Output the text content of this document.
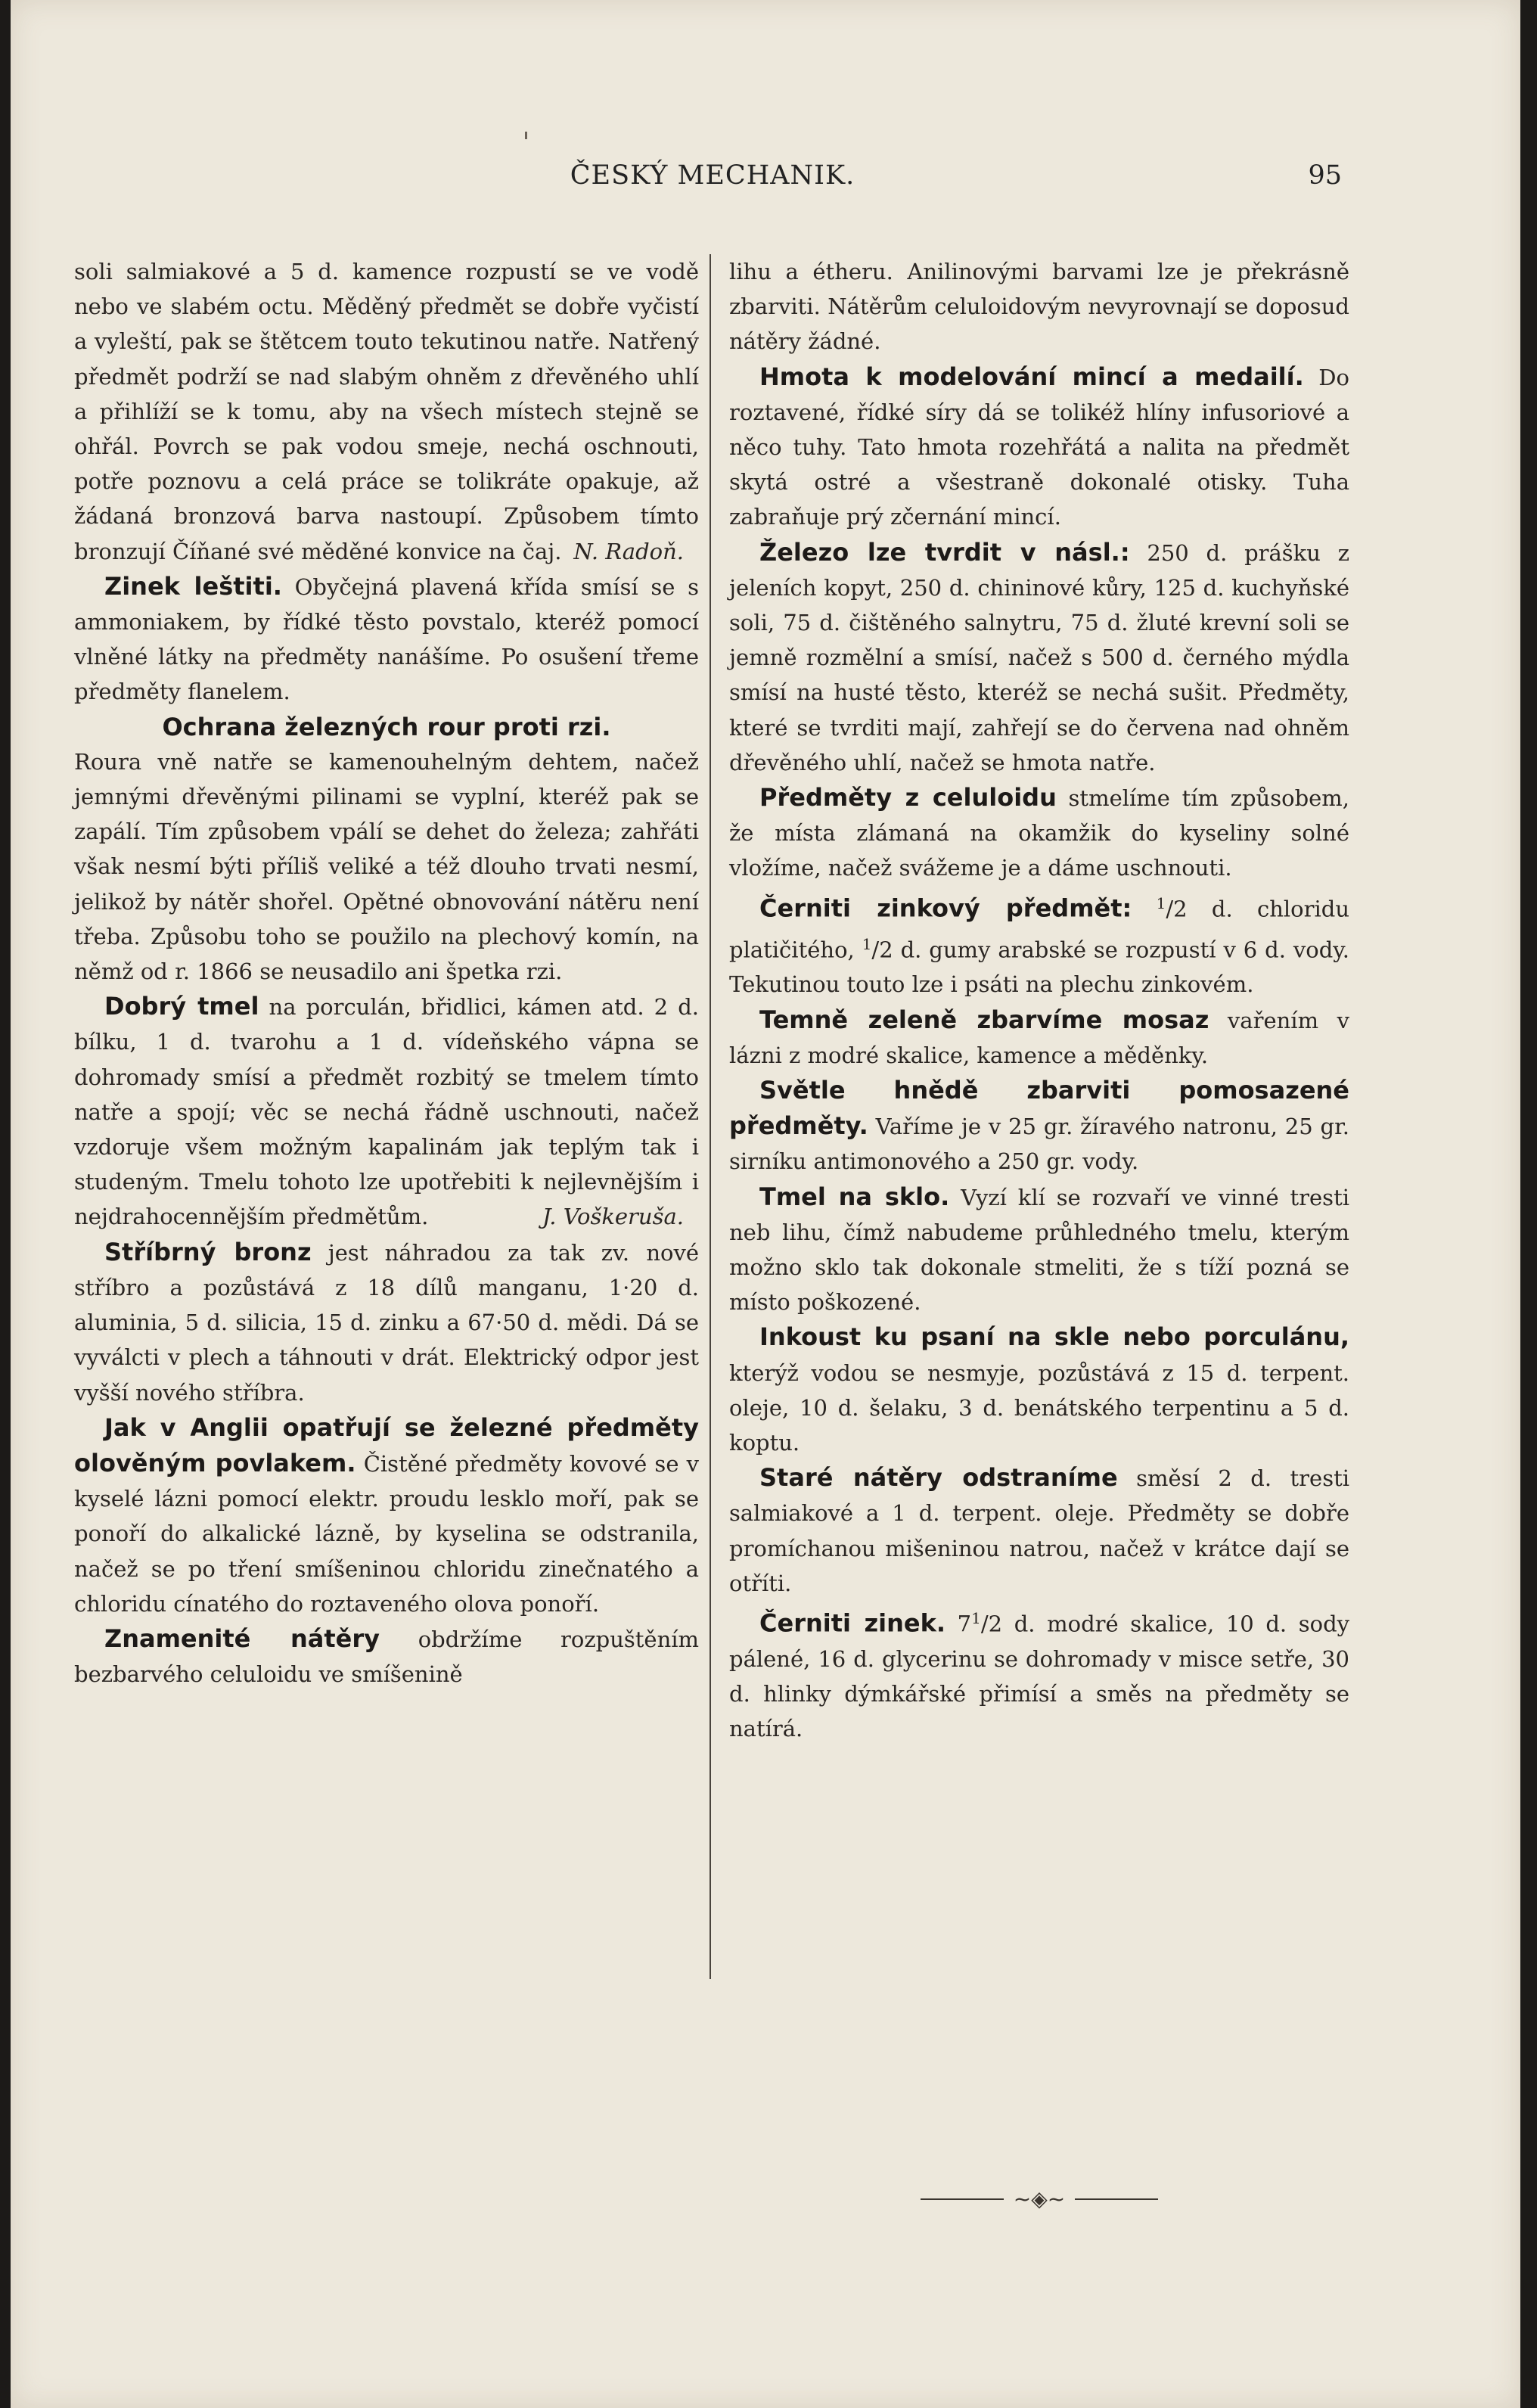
ČESKÝ MECHANIK.	95

soli salmiakové a 5 d. kamence rozpustí se ve vodě nebo ve slabém octu. Měděný předmět se dobře vyčistí a vyleští, pak se štětcem touto tekutinou natře. Natřený předmět podrží se nad slabým ohněm z dřevěného uhlí a přihlíží se k tomu, aby na všech místech stejně se ohřál. Povrch se pak vodou smeje, nechá oschnouti, potře poznovu a celá práce se tolikráte opakuje, až žádaná bronzová barva nastoupí. Způsobem tímto bronzují Číňané své měděné konvice na čaj. N. Radoň.

Zinek leštiti. Obyčejná plavená křída smísí se s ammoniakem, by řídké těsto povstalo, kteréž pomocí vlněné látky na předměty nanášíme. Po osušení třeme předměty flanelem.

Ochrana železných rour proti rzi.
Roura vně natře se kamenouhelným dehtem, načež jemnými dřevěnými pilinami se vyplní, kteréž pak se zapálí. Tím způsobem vpálí se dehet do železa; zahřáti však nesmí býti příliš veliké a též dlouho trvati nesmí, jelikož by nátěr shořel. Opětné obnovování nátěru není třeba. Způsobu toho se použilo na plechový komín, na němž od r. 1866 se neusadilo ani špetka rzi.

Dobrý tmel na porculán, břidlici, kámen atd. 2 d. bílku, 1 d. tvarohu a 1 d. vídeňského vápna se dohromady smísí a předmět rozbitý se tmelem tímto natře a spojí; věc se nechá řádně uschnouti, načež vzdoruje všem možným kapalinám jak teplým tak i studeným. Tmelu tohoto lze upotřebiti k nejlevnějším i nejdrahocennějším předmětům.	J. Voškeruša.

Stříbrný bronz jest náhradou za tak zv. nové stříbro a pozůstává z 18 dílů manganu, 1·20 d. aluminia, 5 d. silicia, 15 d. zinku a 67·50 d. mědi. Dá se vyválcti v plech a táhnouti v drát. Elektrický odpor jest vyšší nového stříbra.

Jak v Anglii opatřují se železné předměty olověným povlakem. Čistěné předměty kovové se v kyselé lázni pomocí elektr. proudu lesklo moří, pak se ponoří do alkalické lázně, by kyselina se odstranila, načež se po tření smíšeninou chloridu zinečnatého a chloridu cínatého do roztaveného olova ponoří.

Znamenité nátěry obdržíme rozpuštěním bezbarvého celuloidu ve smíšenině

lihu a étheru. Anilinovými barvami lze je překrásně zbarviti. Nátěrům celuloidovým nevyrovnají se doposud nátěry žádné.

Hmota k modelování mincí a medailí. Do roztavené, řídké síry dá se tolikéž hlíny infusoriové a něco tuhy. Tato hmota rozehřátá a nalita na předmět skytá ostré a všestraně dokonalé otisky. Tuha zabraňuje prý zčernání mincí.

Železo lze tvrdit v násl.: 250 d. prášku z jeleních kopyt, 250 d. chininové kůry, 125 d. kuchyňské soli, 75 d. čištěného salnytru, 75 d. žluté krevní soli se jemně rozmělní a smísí, načež s 500 d. černého mýdla smísí na husté těsto, kteréž se nechá sušit. Předměty, které se tvrditi mají, zahřejí se do červena nad ohněm dřevěného uhlí, načež se hmota natře.

Předměty z celuloidu stmelíme tím způsobem, že místa zlámaná na okamžik do kyseliny solné vložíme, načež svážeme je a dáme uschnouti.

Černiti zinkový předmět: $^1$/2 d. chloridu platičitého, $^1$/2 d. gumy arabské se rozpustí v 6 d. vody. Tekutinou touto lze i psáti na plechu zinkovém.

Temně zeleně zbarvíme mosaz vařením v lázni z modré skalice, kamence a měděnky.

Světle hnědě zbarviti pomosazené předměty. Vaříme je v 25 gr. žíravého natronu, 25 gr. sirníku antimonového a 250 gr. vody.

Tmel na sklo. Vyzí klí se rozvaří ve vinné tresti neb lihu, čímž nabudeme průhledného tmelu, kterým možno sklo tak dokonale stmeliti, že s tíží pozná se místo poškozené.

Inkoust ku psaní na skle nebo porculánu, kterýž vodou se nesmyje, pozůstává z 15 d. terpent. oleje, 10 d. šelaku, 3 d. benátského terpentinu a 5 d. koptu.

Staré nátěry odstraníme směsí 2 d. tresti salmiakové a 1 d. terpent. oleje. Předměty se dobře promíchanou mišeninou natrou, načež v krátce dají se otříti.

Černiti zinek. $7^1/2$ d. modré skalice, 10 d. sody pálené, 16 d. glycerinu se dohromady v misce setře, 30 d. hlinky dýmkářské přimísí a směs na předměty se natírá.

~◈~
